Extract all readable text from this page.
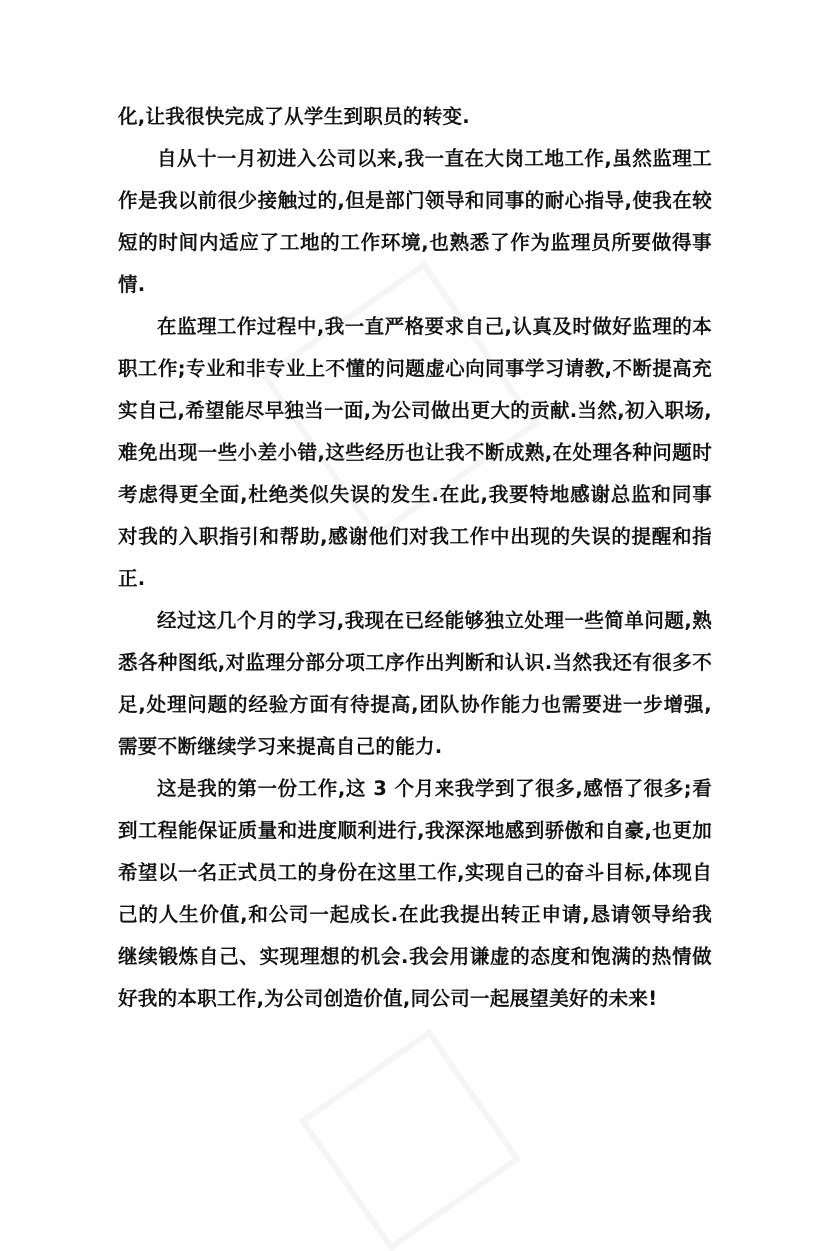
化,让我很快完成了从学生到职员的转变.

自从十一月初进入公司以来,我一直在大岗工地工作,虽然监理工作是我以前很少接触过的,但是部门领导和同事的耐心指导,使我在较短的时间内适应了工地的工作环境,也熟悉了作为监理员所要做得事情.

在监理工作过程中,我一直严格要求自己,认真及时做好监理的本职工作;专业和非专业上不懂的问题虚心向同事学习请教,不断提高充实自己,希望能尽早独当一面,为公司做出更大的贡献.当然,初入职场,难免出现一些小差小错,这些经历也让我不断成熟,在处理各种问题时考虑得更全面,杜绝类似失误的发生.在此,我要特地感谢总监和同事对我的入职指引和帮助,感谢他们对我工作中出现的失误的提醒和指正.

经过这几个月的学习,我现在已经能够独立处理一些简单问题,熟悉各种图纸,对监理分部分项工序作出判断和认识.当然我还有很多不足,处理问题的经验方面有待提高,团队协作能力也需要进一步增强,需要不断继续学习来提高自己的能力.

这是我的第一份工作,这 3 个月来我学到了很多,感悟了很多;看到工程能保证质量和进度顺利进行,我深深地感到骄傲和自豪,也更加希望以一名正式员工的身份在这里工作,实现自己的奋斗目标,体现自己的人生价值,和公司一起成长.在此我提出转正申请,恳请领导给我继续锻炼自己、实现理想的机会.我会用谦虚的态度和饱满的热情做好我的本职工作,为公司创造价值,同公司一起展望美好的未来!
